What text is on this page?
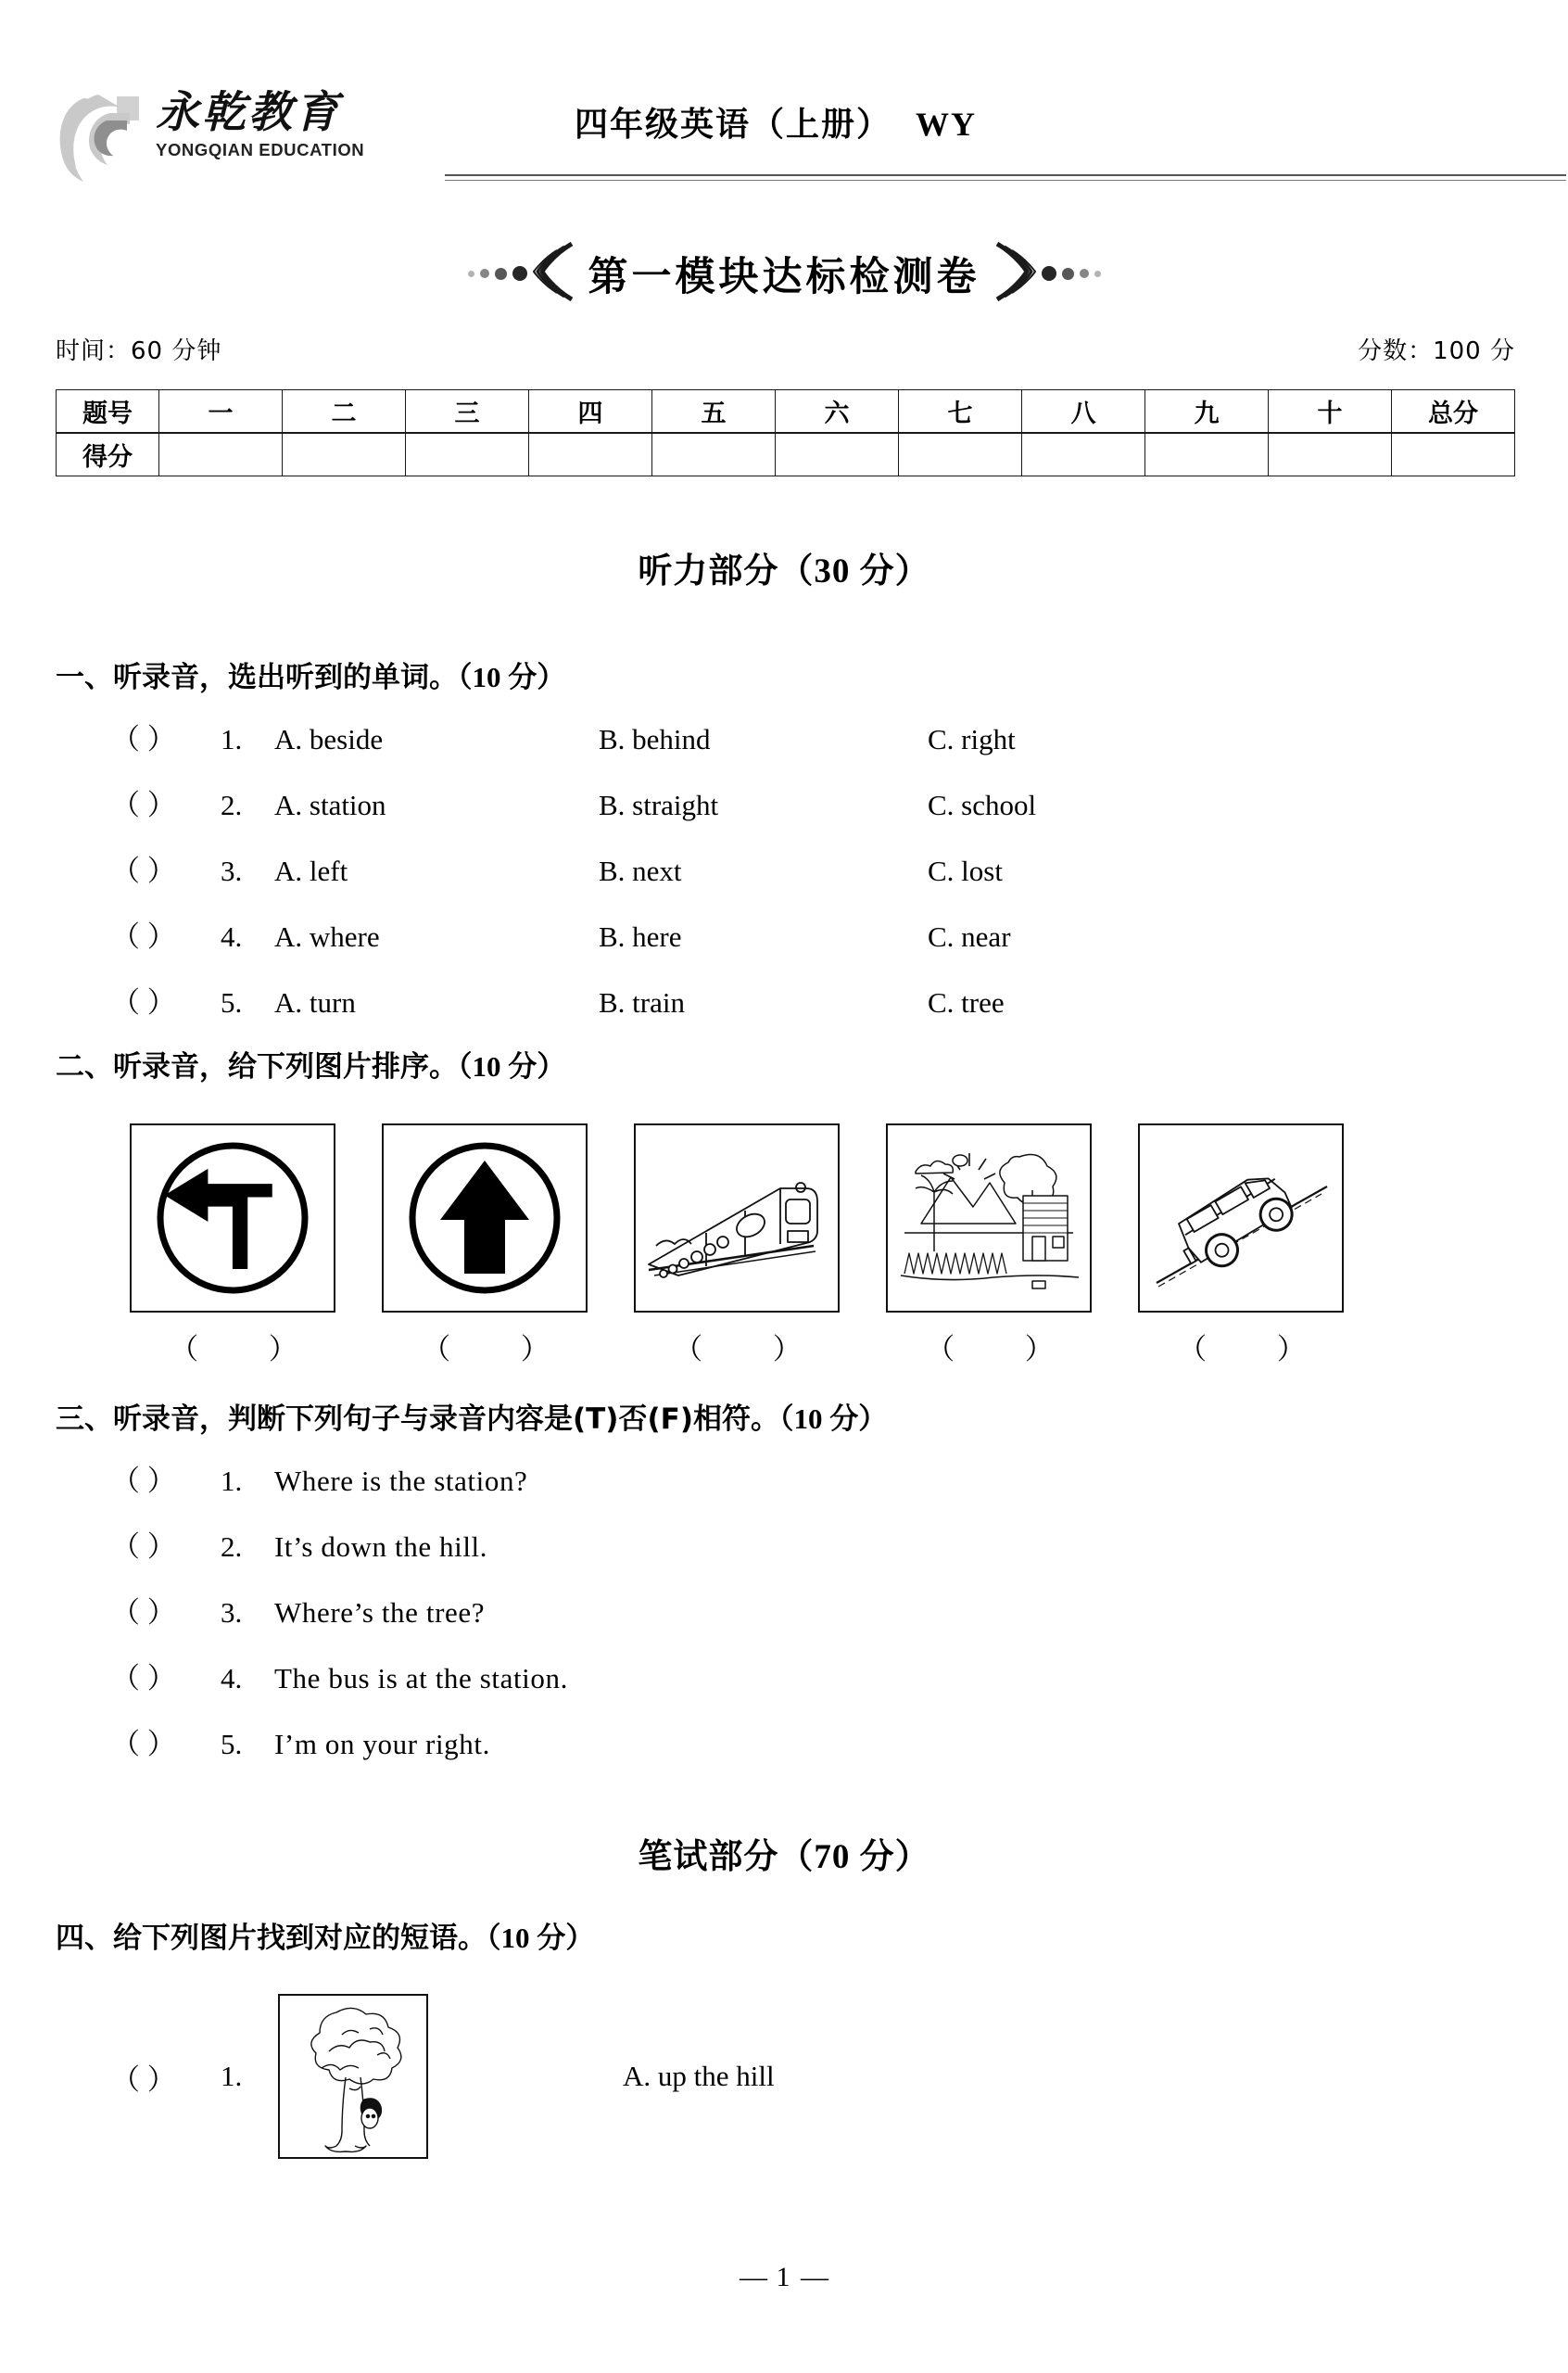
永乾教育
YONGQIAN EDUCATION
四年级英语（上册） WY
第一模块达标检测卷
时间：60 分钟	分数：100 分
题号	一	二	三	四	五	六	七	八	九	十	总分
得分											
听力部分（30 分）
一、听录音，选出听到的单词。（10 分）
（ ）	1.	A. beside	B. behind	C. right
（ ）	2.	A. station	B. straight	C. school
（ ）	3.	A. left	B. next	C. lost
（ ）	4.	A. where	B. here	C. near
（ ）	5.	A. turn	B. train	C. tree
二、听录音，给下列图片排序。（10 分）
（ ）	（ ）	（ ）	（ ）	（ ）
三、听录音，判断下列句子与录音内容是(T)否(F)相符。（10 分）
（ ）	1.	Where is the station?
（ ）	2.	It’s down the hill.
（ ）	3.	Where’s the tree?
（ ）	4.	The bus is at the station.
（ ）	5.	I’m on your right.
笔试部分（70 分）
四、给下列图片找到对应的短语。（10 分）
（ ）	1.	A. up the hill
— 1 —
